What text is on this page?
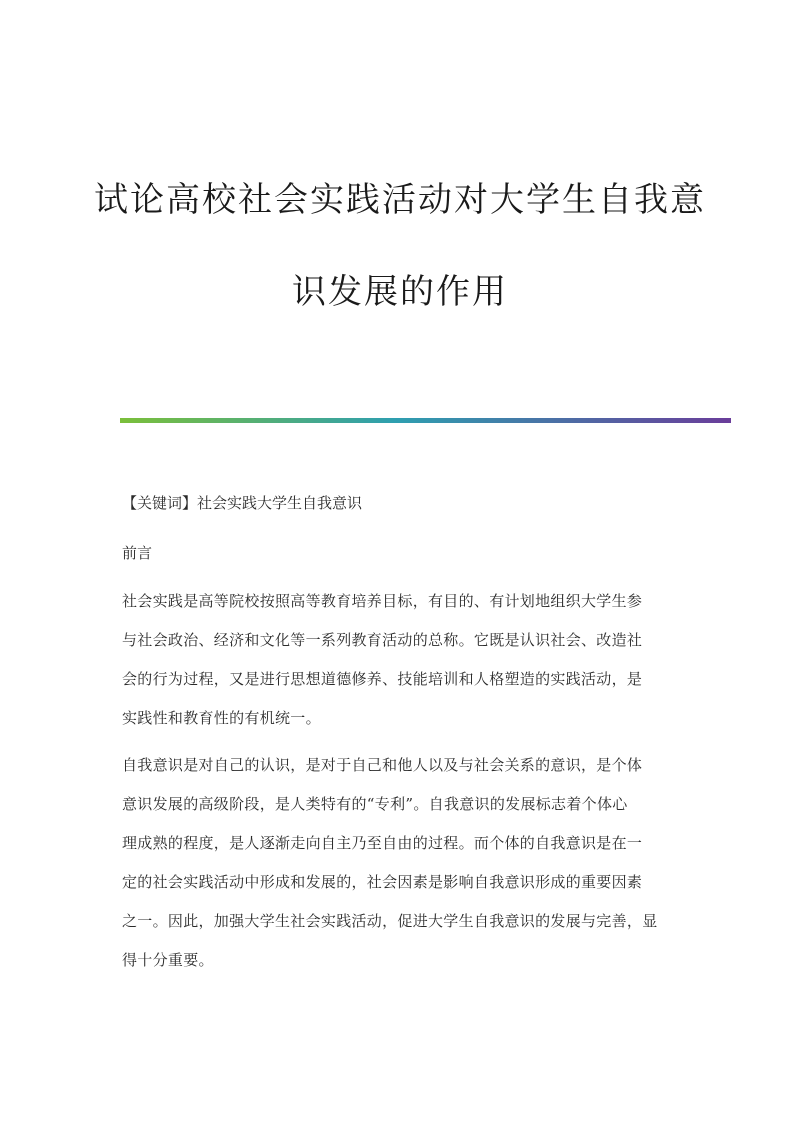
试论高校社会实践活动对大学生自我意
识发展的作用
【关键词】社会实践大学生自我意识
前言
社会实践是高等院校按照高等教育培养目标，有目的、有计划地组织大学生参
与社会政治、经济和文化等一系列教育活动的总称。它既是认识社会、改造社
会的行为过程，又是进行思想道德修养、技能培训和人格塑造的实践活动，是
实践性和教育性的有机统一。
自我意识是对自己的认识，是对于自己和他人以及与社会关系的意识，是个体
意识发展的高级阶段，是人类特有的“专利”。自我意识的发展标志着个体心
理成熟的程度，是人逐渐走向自主乃至自由的过程。而个体的自我意识是在一
定的社会实践活动中形成和发展的，社会因素是影响自我意识形成的重要因素
之一。因此，加强大学生社会实践活动，促进大学生自我意识的发展与完善，显
得十分重要。
